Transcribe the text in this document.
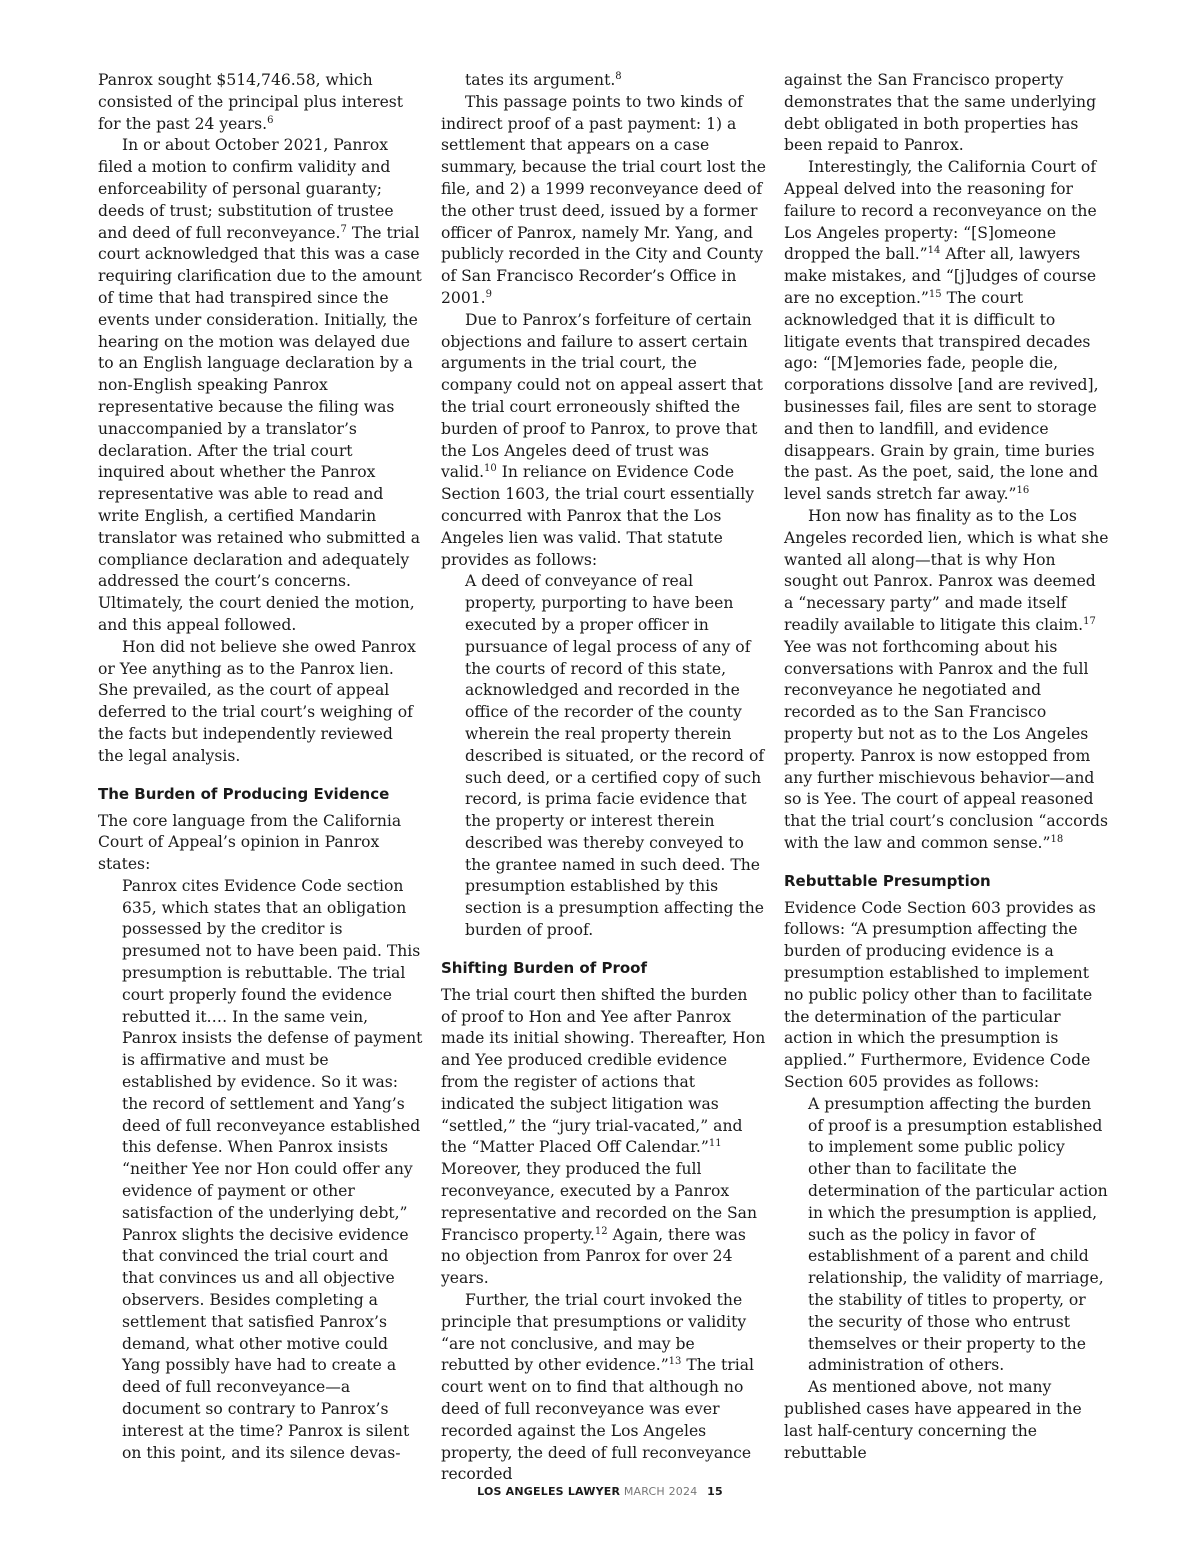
Panrox sought $514,746.58, which consisted of the principal plus interest for the past 24 years.$^6$

In or about October 2021, Panrox filed a motion to confirm validity and enforceability of personal guaranty; deeds of trust; substitution of trustee and deed of full reconveyance.$^7$ The trial court acknowledged that this was a case requiring clarification due to the amount of time that had transpired since the events under consideration. Initially, the hearing on the motion was delayed due to an English language declaration by a non-English speaking Panrox representative because the filing was unaccompanied by a translator’s declaration. After the trial court inquired about whether the Panrox representative was able to read and write English, a certified Mandarin translator was retained who submitted a compliance declaration and adequately addressed the court’s concerns. Ultimately, the court denied the motion, and this appeal followed.

Hon did not believe she owed Panrox or Yee anything as to the Panrox lien. She prevailed, as the court of appeal deferred to the trial court’s weighing of the facts but independently reviewed the legal analysis.

The Burden of Producing Evidence

The core language from the California Court of Appeal’s opinion in Panrox states:

Panrox cites Evidence Code section 635, which states that an obligation possessed by the creditor is presumed not to have been paid. This presumption is rebuttable. The trial court properly found the evidence rebutted it.… In the same vein, Panrox insists the defense of payment is affirmative and must be established by evidence. So it was: the record of settlement and Yang’s deed of full reconveyance established this defense. When Panrox insists “neither Yee nor Hon could offer any evidence of payment or other satisfaction of the underlying debt,” Panrox slights the decisive evidence that convinced the trial court and that convinces us and all objective observers. Besides completing a settlement that satisfied Panrox’s demand, what other motive could Yang possibly have had to create a deed of full reconveyance—a document so contrary to Panrox’s interest at the time? Panrox is silent on this point, and its silence devas-

tates its argument.$^8$

This passage points to two kinds of indirect proof of a past payment: 1) a settlement that appears on a case summary, because the trial court lost the file, and 2) a 1999 reconveyance deed of the other trust deed, issued by a former officer of Panrox, namely Mr. Yang, and publicly recorded in the City and County of San Francisco Recorder’s Office in 2001.$^9$

Due to Panrox’s forfeiture of certain objections and failure to assert certain arguments in the trial court, the company could not on appeal assert that the trial court erroneously shifted the burden of proof to Panrox, to prove that the Los Angeles deed of trust was valid.$^{10}$ In reliance on Evidence Code Section 1603, the trial court essentially concurred with Panrox that the Los Angeles lien was valid. That statute provides as follows:

A deed of conveyance of real property, purporting to have been executed by a proper officer in pursuance of legal process of any of the courts of record of this state, acknowledged and recorded in the office of the recorder of the county wherein the real property therein described is situated, or the record of such deed, or a certified copy of such record, is prima facie evidence that the property or interest therein described was thereby conveyed to the grantee named in such deed. The presumption established by this section is a presumption affecting the burden of proof.

Shifting Burden of Proof

The trial court then shifted the burden of proof to Hon and Yee after Panrox made its initial showing. Thereafter, Hon and Yee produced credible evidence from the register of actions that indicated the subject litigation was “settled,” the “jury trial-vacated,” and the “Matter Placed Off Calendar.”$^{11}$ Moreover, they produced the full reconveyance, executed by a Panrox representative and recorded on the San Francisco property.$^{12}$ Again, there was no objection from Panrox for over 24 years.

Further, the trial court invoked the principle that presumptions or validity “are not conclusive, and may be rebutted by other evidence.”$^{13}$ The trial court went on to find that although no deed of full reconveyance was ever recorded against the Los Angeles property, the deed of full reconveyance recorded

against the San Francisco property demonstrates that the same underlying debt obligated in both properties has been repaid to Panrox.

Interestingly, the California Court of Appeal delved into the reasoning for failure to record a reconveyance on the Los Angeles property: “[S]omeone dropped the ball.”$^{14}$ After all, lawyers make mistakes, and “[j]udges of course are no exception.”$^{15}$ The court acknowledged that it is difficult to litigate events that transpired decades ago: “[M]emories fade, people die, corporations dissolve [and are revived], businesses fail, files are sent to storage and then to landfill, and evidence disappears. Grain by grain, time buries the past. As the poet, said, the lone and level sands stretch far away.”$^{16}$

Hon now has finality as to the Los Angeles recorded lien, which is what she wanted all along—that is why Hon sought out Panrox. Panrox was deemed a “necessary party” and made itself readily available to litigate this claim.$^{17}$ Yee was not forthcoming about his conversations with Panrox and the full reconveyance he negotiated and recorded as to the San Francisco property but not as to the Los Angeles property. Panrox is now estopped from any further mischievous behavior—and so is Yee. The court of appeal reasoned that the trial court’s conclusion “accords with the law and common sense.”$^{18}$

Rebuttable Presumption

Evidence Code Section 603 provides as follows: “A presumption affecting the burden of producing evidence is a presumption established to implement no public policy other than to facilitate the determination of the particular action in which the presumption is applied.” Furthermore, Evidence Code Section 605 provides as follows:

A presumption affecting the burden of proof is a presumption established to implement some public policy other than to facilitate the determination of the particular action in which the presumption is applied, such as the policy in favor of establishment of a parent and child relationship, the validity of marriage, the stability of titles to property, or the security of those who entrust themselves or their property to the administration of others.

As mentioned above, not many published cases have appeared in the last half-century concerning the rebuttable

LOS ANGELES LAWYER MARCH 2024 15
